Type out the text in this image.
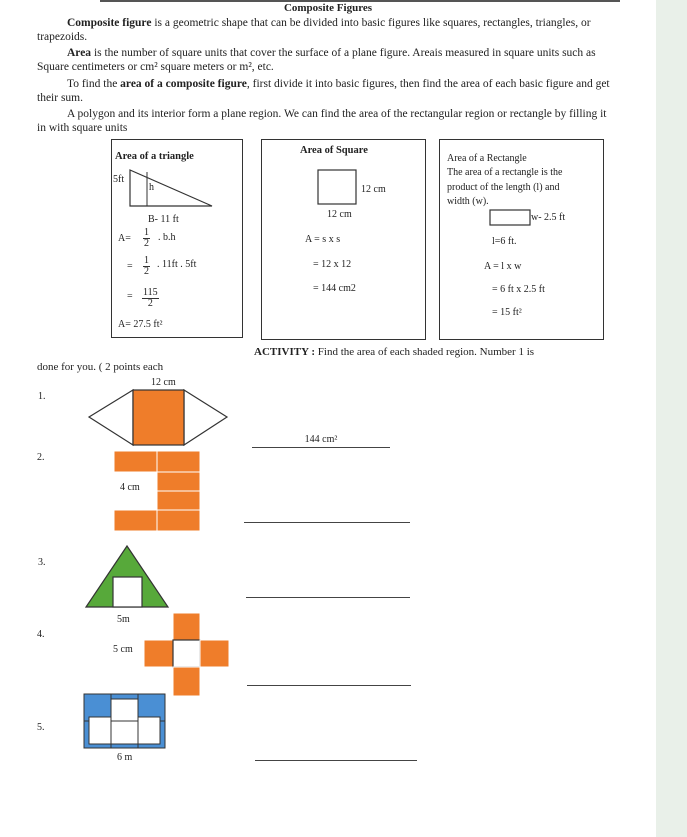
Composite Figures

Composite figure is a geometric shape that can be divided into basic figures like squares, rectangles, triangles, or trapezoids.

Area is the number of square units that cover the surface of a plane figure. Areais measured in square units such as Square centimeters or cm² square meters or m², etc.

To find the area of a composite figure, first divide it into basic figures, then find the area of each basic figure and get their sum.

A polygon and its interior form a plane region. We can find the area of the rectangular region or rectangle by filling it in with square units

Area of a triangle
5ft
h
B- 11 ft
$A= \frac{1}{2}$ . b.h
= $\frac{1}{2}$ . 11ft . 5ft
= $\frac{115}{2}$
A= 27.5 ft²
Area of Square
12 cm
12 cm
A = s x s
= 12 x 12
= 144 cm2
Area of a Rectangle
The area of a rectangle is the
product of the length (l) and
width (w).
w- 2.5 ft
l=6 ft.
A = l x w
= 6 ft x 2.5 ft
= 15 ft²
ACTIVITY : Find the area of each shaded region. Number 1 is
done for you. ( 2 points each
1.
12 cm
144 cm²
2.
4 cm
3.
4.
5m
5 cm
5.
6 m
